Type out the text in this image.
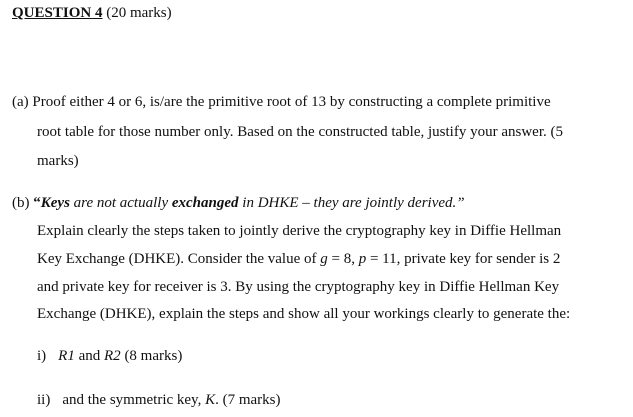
QUESTION 4 (20 marks)
(a) Proof either 4 or 6, is/are the primitive root of 13 by constructing a complete primitive
root table for those number only. Based on the constructed table, justify your answer. (5
marks)
(b) “Keys are not actually exchanged in DHKE – they are jointly derived.”
Explain clearly the steps taken to jointly derive the cryptography key in Diffie Hellman
Key Exchange (DHKE). Consider the value of g = 8, p = 11, private key for sender is 2
and private key for receiver is 3. By using the cryptography key in Diffie Hellman Key
Exchange (DHKE), explain the steps and show all your workings clearly to generate the:
i) R1 and R2 (8 marks)
ii) and the symmetric key, K. (7 marks)
